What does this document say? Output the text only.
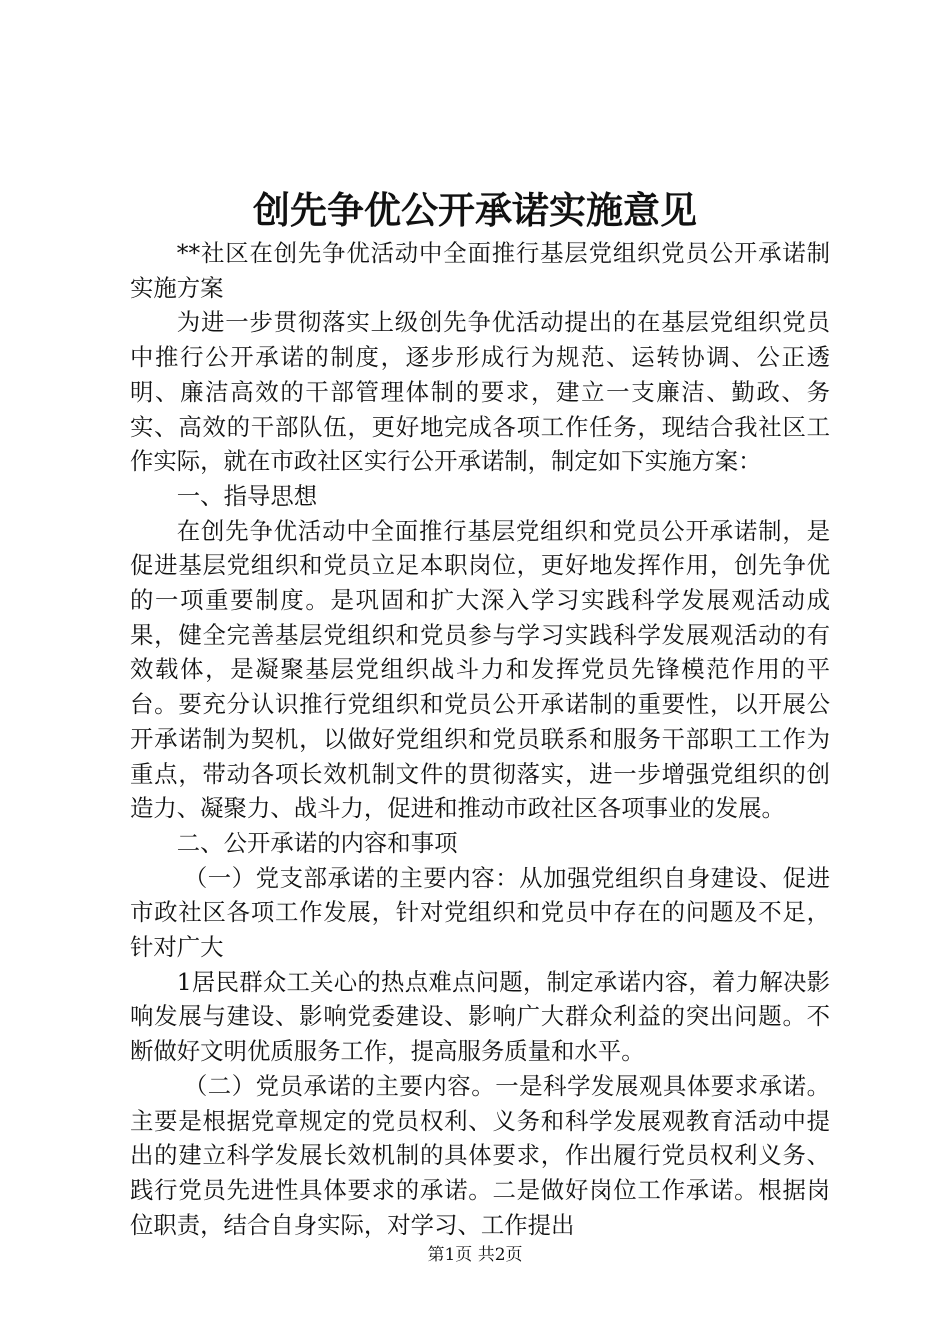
创先争优公开承诺实施意见

**社区在创先争优活动中全面推行基层党组织党员公开承诺制实施方案

为进一步贯彻落实上级创先争优活动提出的在基层党组织党员中推行公开承诺的制度，逐步形成行为规范、运转协调、公正透明、廉洁高效的干部管理体制的要求，建立一支廉洁、勤政、务实、高效的干部队伍，更好地完成各项工作任务，现结合我社区工作实际，就在市政社区实行公开承诺制，制定如下实施方案：

一、指导思想

在创先争优活动中全面推行基层党组织和党员公开承诺制，是促进基层党组织和党员立足本职岗位，更好地发挥作用，创先争优的一项重要制度。是巩固和扩大深入学习实践科学发展观活动成果，健全完善基层党组织和党员参与学习实践科学发展观活动的有效载体，是凝聚基层党组织战斗力和发挥党员先锋模范作用的平台。要充分认识推行党组织和党员公开承诺制的重要性，以开展公开承诺制为契机，以做好党组织和党员联系和服务干部职工工作为重点，带动各项长效机制文件的贯彻落实，进一步增强党组织的创造力、凝聚力、战斗力，促进和推动市政社区各项事业的发展。

二、公开承诺的内容和事项

（一）党支部承诺的主要内容：从加强党组织自身建设、促进市政社区各项工作发展，针对党组织和党员中存在的问题及不足，针对广大

1居民群众工关心的热点难点问题，制定承诺内容，着力解决影响发展与建设、影响党委建设、影响广大群众利益的突出问题。不断做好文明优质服务工作，提高服务质量和水平。

（二）党员承诺的主要内容。一是科学发展观具体要求承诺。主要是根据党章规定的党员权利、义务和科学发展观教育活动中提出的建立科学发展长效机制的具体要求，作出履行党员权利义务、践行党员先进性具体要求的承诺。二是做好岗位工作承诺。根据岗位职责，结合自身实际，对学习、工作提出

第1页 共2页
